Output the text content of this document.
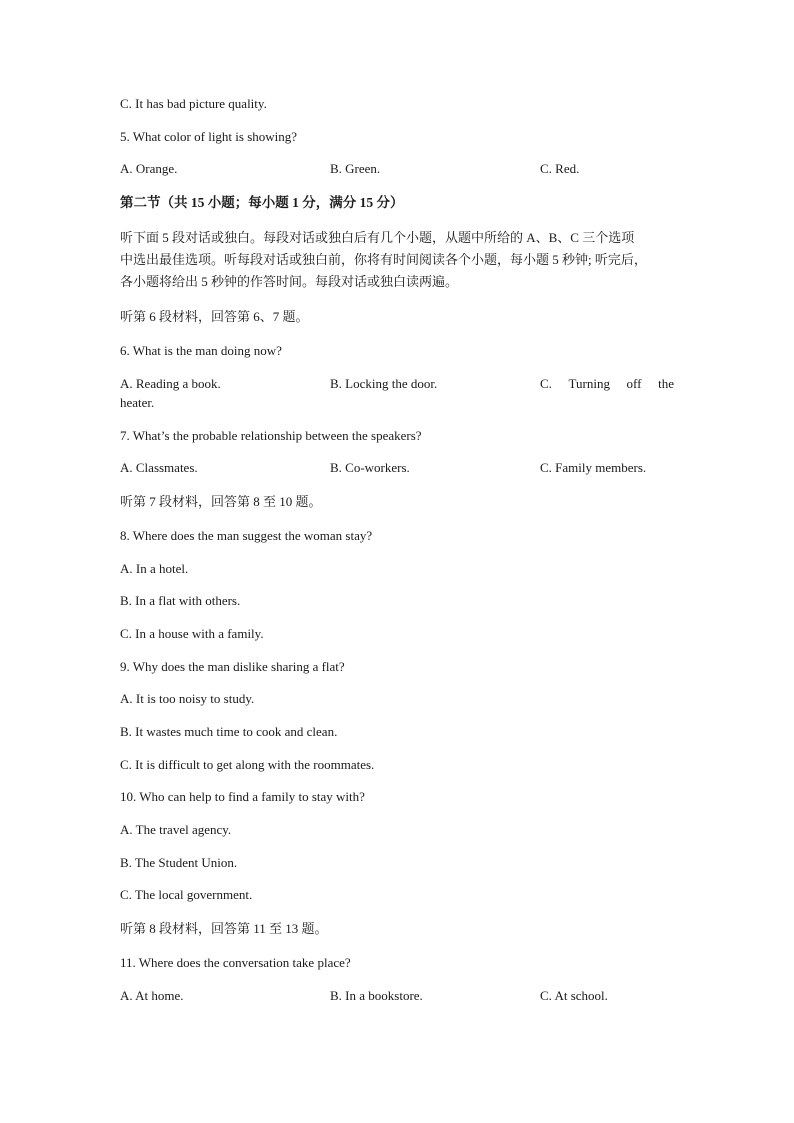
C. It has bad picture quality.
5. What color of light is showing?
A. Orange.	B. Green.	C. Red.
第二节（共 15 小题；每小题 1 分，满分 15 分）
听下面 5 段对话或独白。每段对话或独白后有几个小题，从题中所给的 A、B、C 三个选项
中选出最佳选项。听每段对话或独白前，你将有时间阅读各个小题，每小题 5 秒钟; 听完后，
各小题将给出 5 秒钟的作答时间。每段对话或独白读两遍。
听第 6 段材料，回答第 6、7 题。
6. What is the man doing now?
A. Reading a book.	B. Locking the door.	C. Turning off the
heater.
7. What’s the probable relationship between the speakers?
A. Classmates.	B. Co-workers.	C. Family members.
听第 7 段材料，回答第 8 至 10 题。
8. Where does the man suggest the woman stay?
A. In a hotel.
B. In a flat with others.
C. In a house with a family.
9. Why does the man dislike sharing a flat?
A. It is too noisy to study.
B. It wastes much time to cook and clean.
C. It is difficult to get along with the roommates.
10. Who can help to find a family to stay with?
A. The travel agency.
B. The Student Union.
C. The local government.
听第 8 段材料，回答第 11 至 13 题。
11. Where does the conversation take place?
A. At home.	B. In a bookstore.	C. At school.
